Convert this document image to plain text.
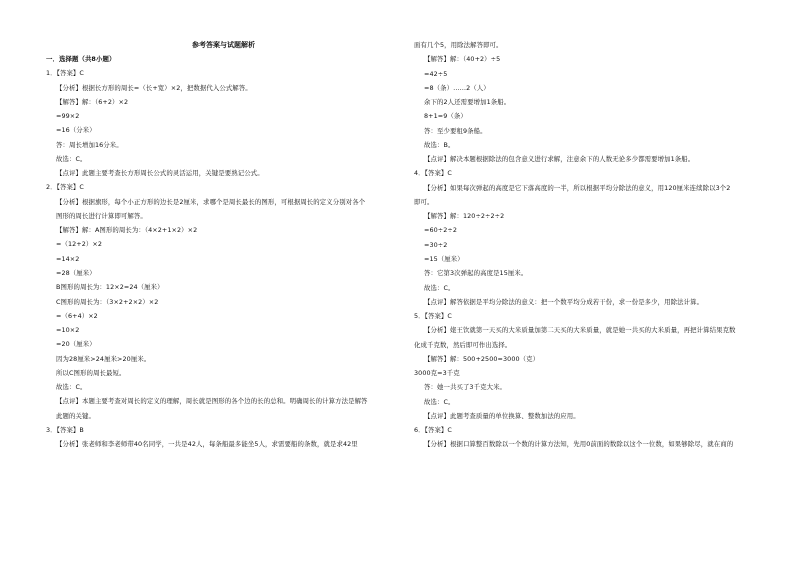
参考答案与试题解析
一．选择题（共8小题）
1．【答案】C
【分析】根据长方形的周长=（长+宽）×2，把数据代入公式解答。
【解答】解：（6+2）×2
=99×2
=16（分米）
答：周长增加16分米。
故选：C。
【点评】此题主要考查长方形周长公式的灵活运用，关键是要熟记公式。
2．【答案】C
【分析】根据旗形，每个小正方形的边长是2厘米，求哪个是周长最长的图形，可根据周长的定义分别对各个
图形的周长进行计算即可解答。
【解答】解：A图形的周长为：（4×2+1×2）×2
=（12+2）×2
=14×2
=28（厘米）
B图形的周长为：12×2=24（厘米）
C图形的周长为：（3×2+2×2）×2
=（6+4）×2
=10×2
=20（厘米）
因为28厘米>24厘米>20厘米。
所以C图形的周长最短。
故选：C。
【点评】本题主要考查对周长的定义的理解，周长就是图形的各个边的长的总和。明确周长的计算方法是解答
此题的关键。
3．【答案】B
【分析】张老师和李老师带40名同学，一共是42人，每条船最多能坐5人，求需要船的条数，就是求42里
面有几个5，用除法解答即可。
【解答】解：（40+2）÷5
=42÷5
=8（条）……2（人）
余下的2人还需要增加1条船。
8+1=9（条）
答：至少要租9条船。
故选：B。
【点评】解决本题根据除法的包含意义进行求解，注意余下的人数无论多少都需要增加1条船。
4．【答案】C
【分析】如果每次弹起的高度是它下落高度的一半，所以根据平均分除法的意义，用120厘米连续除以3个2
即可。
【解答】解：120÷2÷2÷2
=60÷2÷2
=30÷2
=15（厘米）
答：它第3次弹起的高度是15厘米。
故选：C。
【点评】解答依据是平均分除法的意义：把一个数平均分成若干份，求一份是多少，用除法计算。
5．【答案】C
【分析】姥王饮就第一天买的大米质量加第二天买的大米质量，就是她一共买的大米质量，再把计算结果克数
化成千克数，然后即可作出选择。
【解答】解：500+2500=3000（克）
3000克=3千克
答：她一共买了3千克大米。
故选：C。
【点评】此题考查质量的单位换算、整数加法的应用。
6．【答案】C
【分析】根据口算整百数除以一个数的计算方法知，先用0前面的数除以这个一位数，如果够除尽，就在商的
